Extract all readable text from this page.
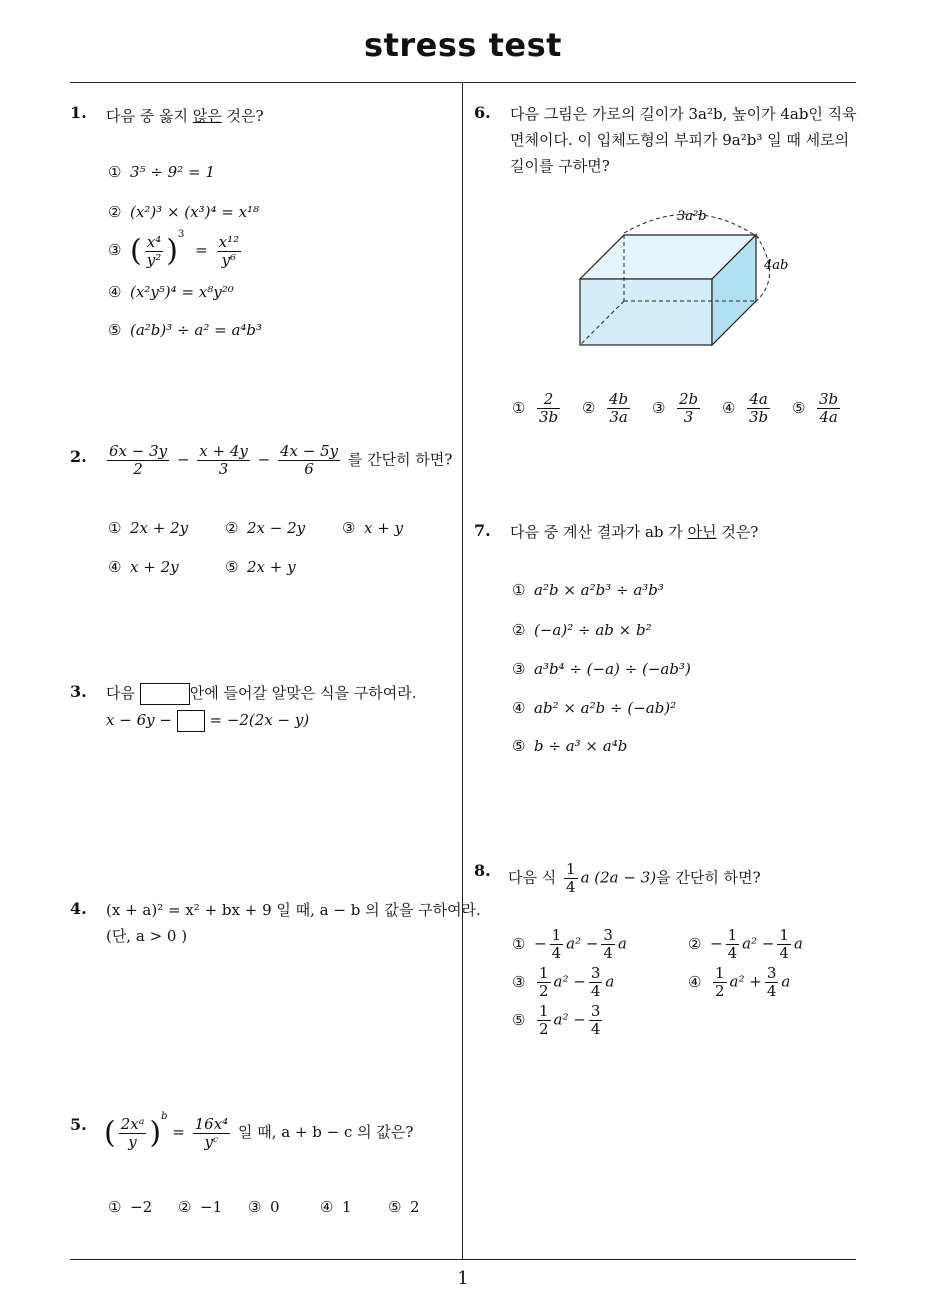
stress test
1
1. 다음 중 옳지 않은 것은?
① 3⁵ ÷ 9² = 1
② (x²)³ × (x³)⁴ = x¹⁸
③ ( $\frac{\text{x⁴}}{\text{y²}} )^3 = \frac{\text{x¹²}}{\text{y⁶}}$
④ (x²y⁵)⁴ = x⁸y²⁰
⑤ (a²b)³ ÷ a² = a⁴b³
2. $\frac{6x - 3y}{2} - \frac{x + 4y}{3} - \frac{4x - 5y}{6}$ 를 간단히 하면?
① 2x + 2y ② 2x − 2y ③ x + y
④ x + 2y	⑤ 2x + y
3. 다음	안에 들어갈 알맞은 식을 구하여라.
x − 6y −	= −2(2x − y)
4. (x + a)² = x² + bx + 9 일 때, a − b 의 값을 구하여라.
(단, a > 0 )
5. ( $\frac{\text{2xᵃ}}{y} )^b = \frac{\text{16x⁴}}{\text{yᶜ}}$ 일 때, a + b − c 의 값은?
① −2 ② −1 ③ 0	④ 1 ⑤ 2
6. 다음 그림은 가로의 길이가 3a²b, 높이가 4ab인 직육
면체이다. 이 입체도형의 부피가 9a²b³ 일 때 세로의
길이를 구하면?
3a²b
4ab
① $\frac{2}{3b}$ ② $\frac{4b}{3a}$ ③ $\frac{2b}{3}$ ④ $\frac{4a}{3b}$ ⑤ $\frac{3b}{4a}$
7. 다음 중 계산 결과가 ab 가 아닌 것은?
① a²b × a²b³ ÷ a³b³
② (−a)² ÷ ab × b²
③ a³b⁴ ÷ (−a) ÷ (−ab³)
④ ab² × a²b ÷ (−ab)²
⑤ b ÷ a³ × a⁴b
8. 다음 식 $\frac{1}{4}$ a (2a − 3)을 간단히 하면?
① − $\frac{1}{4} a^2 - \frac{3}{4}$ a	② − $\frac{1}{4} a^2 - \frac{1}{4}$ a
③ $\frac{1}{2} a^2 - \frac{3}{4}$ a	④ $\frac{1}{2} a^2 + \frac{3}{4}$ a
⑤ $\frac{1}{2} a^2 - \frac{3}{4}$
